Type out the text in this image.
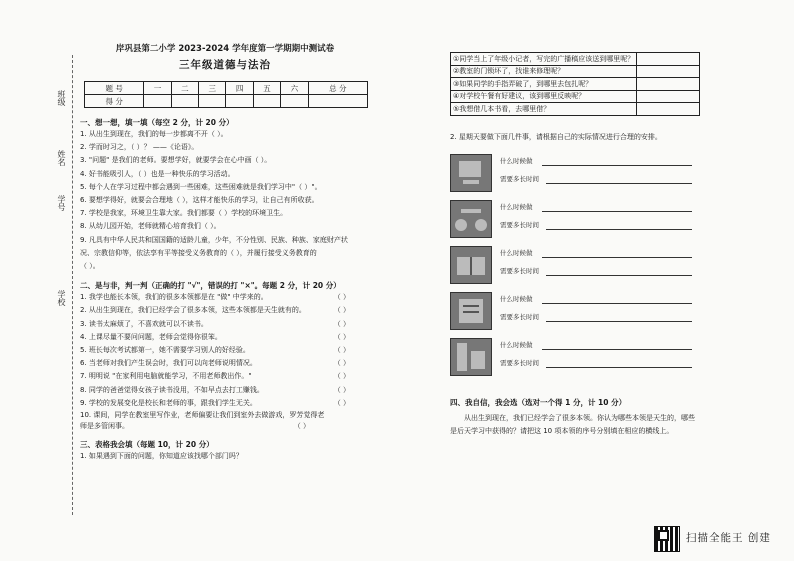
班级
姓名
学号
学校
岸巩县第二小学 2023-2024 学年度第一学期期中测试卷
三年级道德与法治
题 号	一	二	三	四	五	六	总 分
得 分							
一、想一想，填一填（每空 2 分，计 20 分）
1. 从出生到现在，我们的每一步都离不开（ ）。
2. 学而时习之，（ ）？ ——《论语》。
3. "问题" 是我们的老师。要想学好，就要学会在心中画（ ）。
4. 好书能吸引人，（ ）也是一种快乐的学习活动。
5. 每个人在学习过程中都会遇到一些困难，这些困难就是我们学习中"（ ）"。
6. 要想学得好，就要会合理地（ ），这样才能快乐的学习，让自己有所收获。
7. 学校是我家，环境卫生靠大家。我们都要（ ）学校的环境卫生。
8. 从幼儿园开始，老师就精心培育我们（ ）。
9. 凡具有中华人民共和国国籍的适龄儿童，少年，不分性别、民族、种族、家庭财产状
况、宗教信仰等，依法享有平等接受义务教育的（ ），并履行接受义务教育的
（ ）。
二、是与非，判一判（正确的打 "√"，错误的打 "×"。每题 2 分，计 20 分）
1. 我学也能长本领，我们的很多本领都是在 "做" 中学来的。	（ ）
2. 从出生到现在，我们已经学会了很多本领，这些本领都是天生就有的。	（ ）
3. 读书太麻烦了，不喜欢就可以不读书。	（ ）
4. 上课尽量不要问问题，老师会觉得你很笨。	（ ）
5. 班长每次考试都第一，她不需要学习别人的好经验。	（ ）
6. 当老师对我们产生误会时，我们可以向老师说明情况。	（ ）
7. 明明说 "在家利用电脑就能学习，不用老师教出作。"	（ ）
8. 同学的爸爸觉得女孩子读书没用，不如早点去打工赚钱。	（ ）
9. 学校的发展变化是校长和老师的事，跟我们学生无关。	（ ）
10. 课间，同学在教室里写作业，老师偏要让我们到室外去做游戏，罗芳觉得老师是多管闲事。	（ ）
三、表格我会填（每题 10，计 20 分）
1. 如果遇到下面的问题，你知道应该找哪个部门吗？
①同学当上了年级小记者，写完的广播稿应该送到哪里呢？	
②教室的门锁坏了，找谁来修理呢？	
③如果同学的手指弄破了，到哪里去包扎呢？	
④对学校午餐有好建议，该到哪里反映呢？	
⑤我想借几本书看，去哪里借？	
2. 星期天要做下面几件事，请根据自己的实际情况进行合理的安排。
什么时候做
需要多长时间
什么时候做
需要多长时间
什么时候做
需要多长时间
什么时候做
需要多长时间
什么时候做
需要多长时间
四、我自信，我会选（选对一个得 1 分，计 10 分）
从出生到现在，我们已经学会了很多本领。你认为哪些本领是天生的，哪些是后天学习中获得的？请把这 10 项本领的序号分别填在相应的横线上。
扫描全能王 创建
